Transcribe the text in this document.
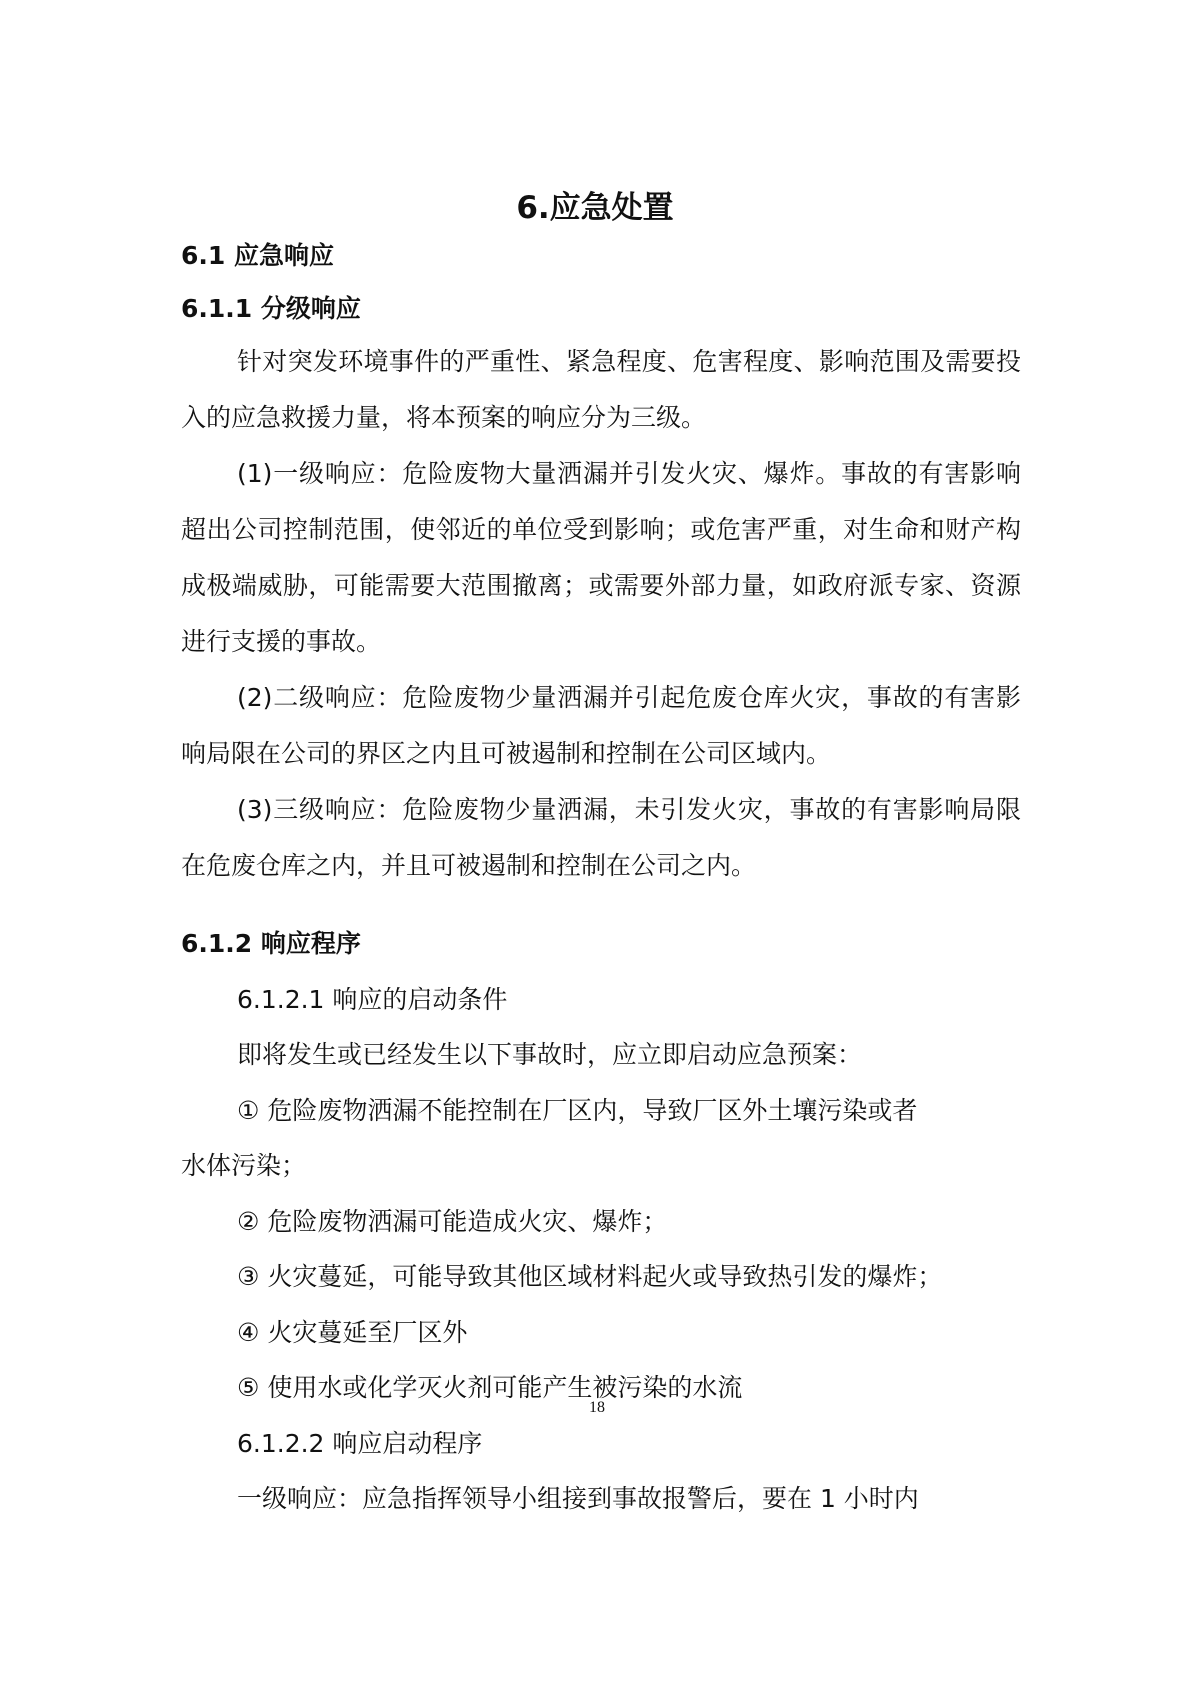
6.应急处置
6.1 应急响应
6.1.1 分级响应
针对突发环境事件的严重性、紧急程度、危害程度、影响范围及需要投入的应急救援力量，将本预案的响应分为三级。
(1)一级响应：危险废物大量洒漏并引发火灾、爆炸。事故的有害影响超出公司控制范围，使邻近的单位受到影响；或危害严重，对生命和财产构成极端威胁，可能需要大范围撤离；或需要外部力量，如政府派专家、资源进行支援的事故。
(2)二级响应：危险废物少量洒漏并引起危废仓库火灾，事故的有害影响局限在公司的界区之内且可被遏制和控制在公司区域内。
(3)三级响应：危险废物少量洒漏，未引发火灾，事故的有害影响局限在危废仓库之内，并且可被遏制和控制在公司之内。
6.1.2 响应程序
6.1.2.1 响应的启动条件
即将发生或已经发生以下事故时，应立即启动应急预案：
① 危险废物洒漏不能控制在厂区内，导致厂区外土壤污染或者
水体污染；
② 危险废物洒漏可能造成火灾、爆炸；
③ 火灾蔓延，可能导致其他区域材料起火或导致热引发的爆炸；
④ 火灾蔓延至厂区外
⑤ 使用水或化学灭火剂可能产生被污染的水流
18
6.1.2.2 响应启动程序
一级响应：应急指挥领导小组接到事故报警后，要在 1 小时内
